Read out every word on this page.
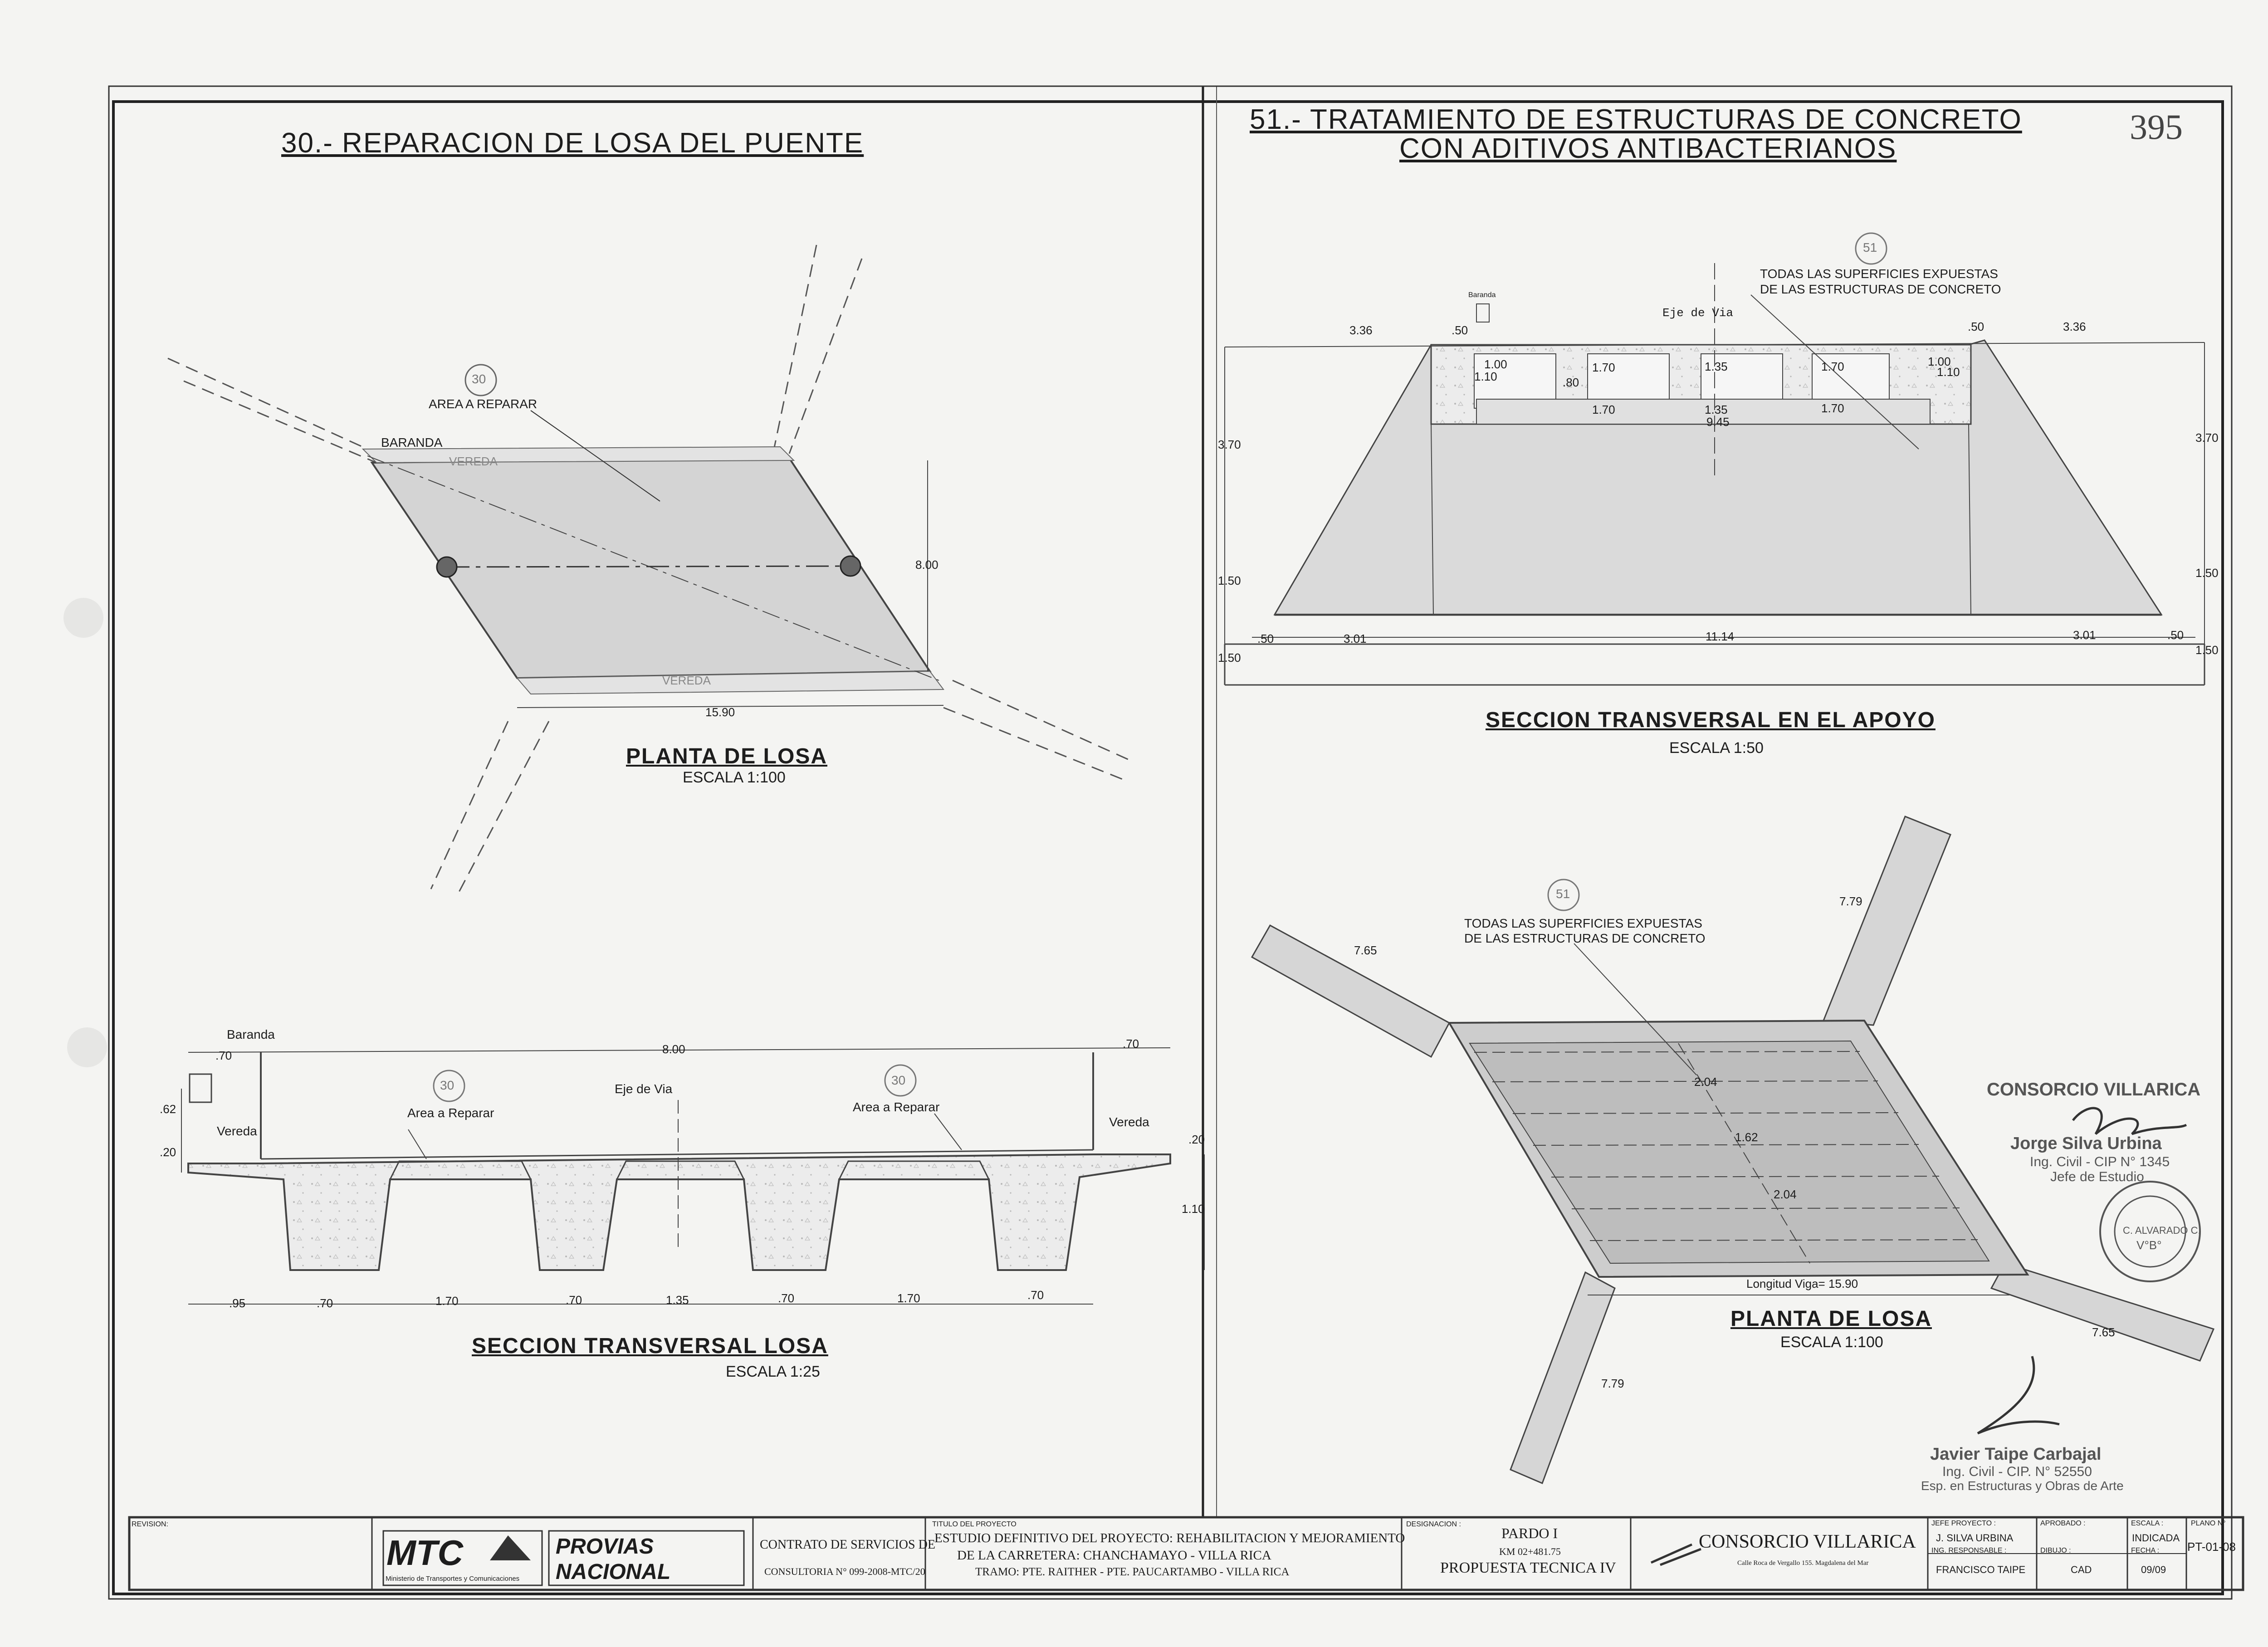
395
30.- REPARACION DE LOSA DEL PUENTE
30
AREA A REPARAR
BARANDA
VEREDA
VEREDA
8.00
15.90
PLANTA DE LOSA
ESCALA 1:100
Baranda
.70	8.00	.70
.62
.20
.20
1.10
Vereda
Vereda
Eje de Via
30	30
Area a Reparar	Area a Reparar
.95	.70	1.70	.70	1.35	.70	1.70	.70
SECCION TRANSVERSAL LOSA
ESCALA 1:25
51.- TRATAMIENTO DE ESTRUCTURAS DE CONCRETO
CON ADITIVOS ANTIBACTERIANOS
51
TODAS LAS SUPERFICIES EXPUESTAS
DE LAS ESTRUCTURAS DE CONCRETO
Baranda
Eje de Via
3.36	.50	.50	3.36
1.00
1.10
1.70	1.35	1.70	1.00
1.10
.80
1.70	1.35	1.70
9.45
3.70
1.50
1.50
3.70
1.50
1.50
.50	3.01	11.14	3.01	.50
SECCION TRANSVERSAL EN EL APOYO
ESCALA 1:50
51
TODAS LAS SUPERFICIES EXPUESTAS
DE LAS ESTRUCTURAS DE CONCRETO
7.65
7.79
2.04
1.62
2.04
Longitud Viga= 15.90
7.65
7.79
PLANTA DE LOSA
ESCALA 1:100
CONSORCIO VILLARICA
Jorge Silva Urbina
Ing. Civil - CIP N° 1345
Jefe de Estudio
C. ALVARADO C.
V°B°
Javier Taipe Carbajal
Ing. Civil - CIP. N° 52550
Esp. en Estructuras y Obras de Arte
REVISION:
MTC
Ministerio de Transportes y Comunicaciones
PROVIAS
NACIONAL
CONTRATO DE SERVICIOS DE
CONSULTORIA N° 099-2008-MTC/20
TITULO DEL PROYECTO
ESTUDIO DEFINITIVO DEL PROYECTO: REHABILITACION Y MEJORAMIENTO
DE LA CARRETERA: CHANCHAMAYO - VILLA RICA
TRAMO: PTE. RAITHER - PTE. PAUCARTAMBO - VILLA RICA
DESIGNACION :
PARDO I
KM 02+481.75
PROPUESTA TECNICA IV
CONSORCIO VILLARICA
Calle Roca de Vergallo 155. Magdalena del Mar
JEFE PROYECTO :
J. SILVA URBINA
ING. RESPONSABLE :
FRANCISCO TAIPE
APROBADO :
DIBUJO :
CAD
ESCALA :
INDICADA
FECHA :
09/09
PLANO N°
PT-01-08
